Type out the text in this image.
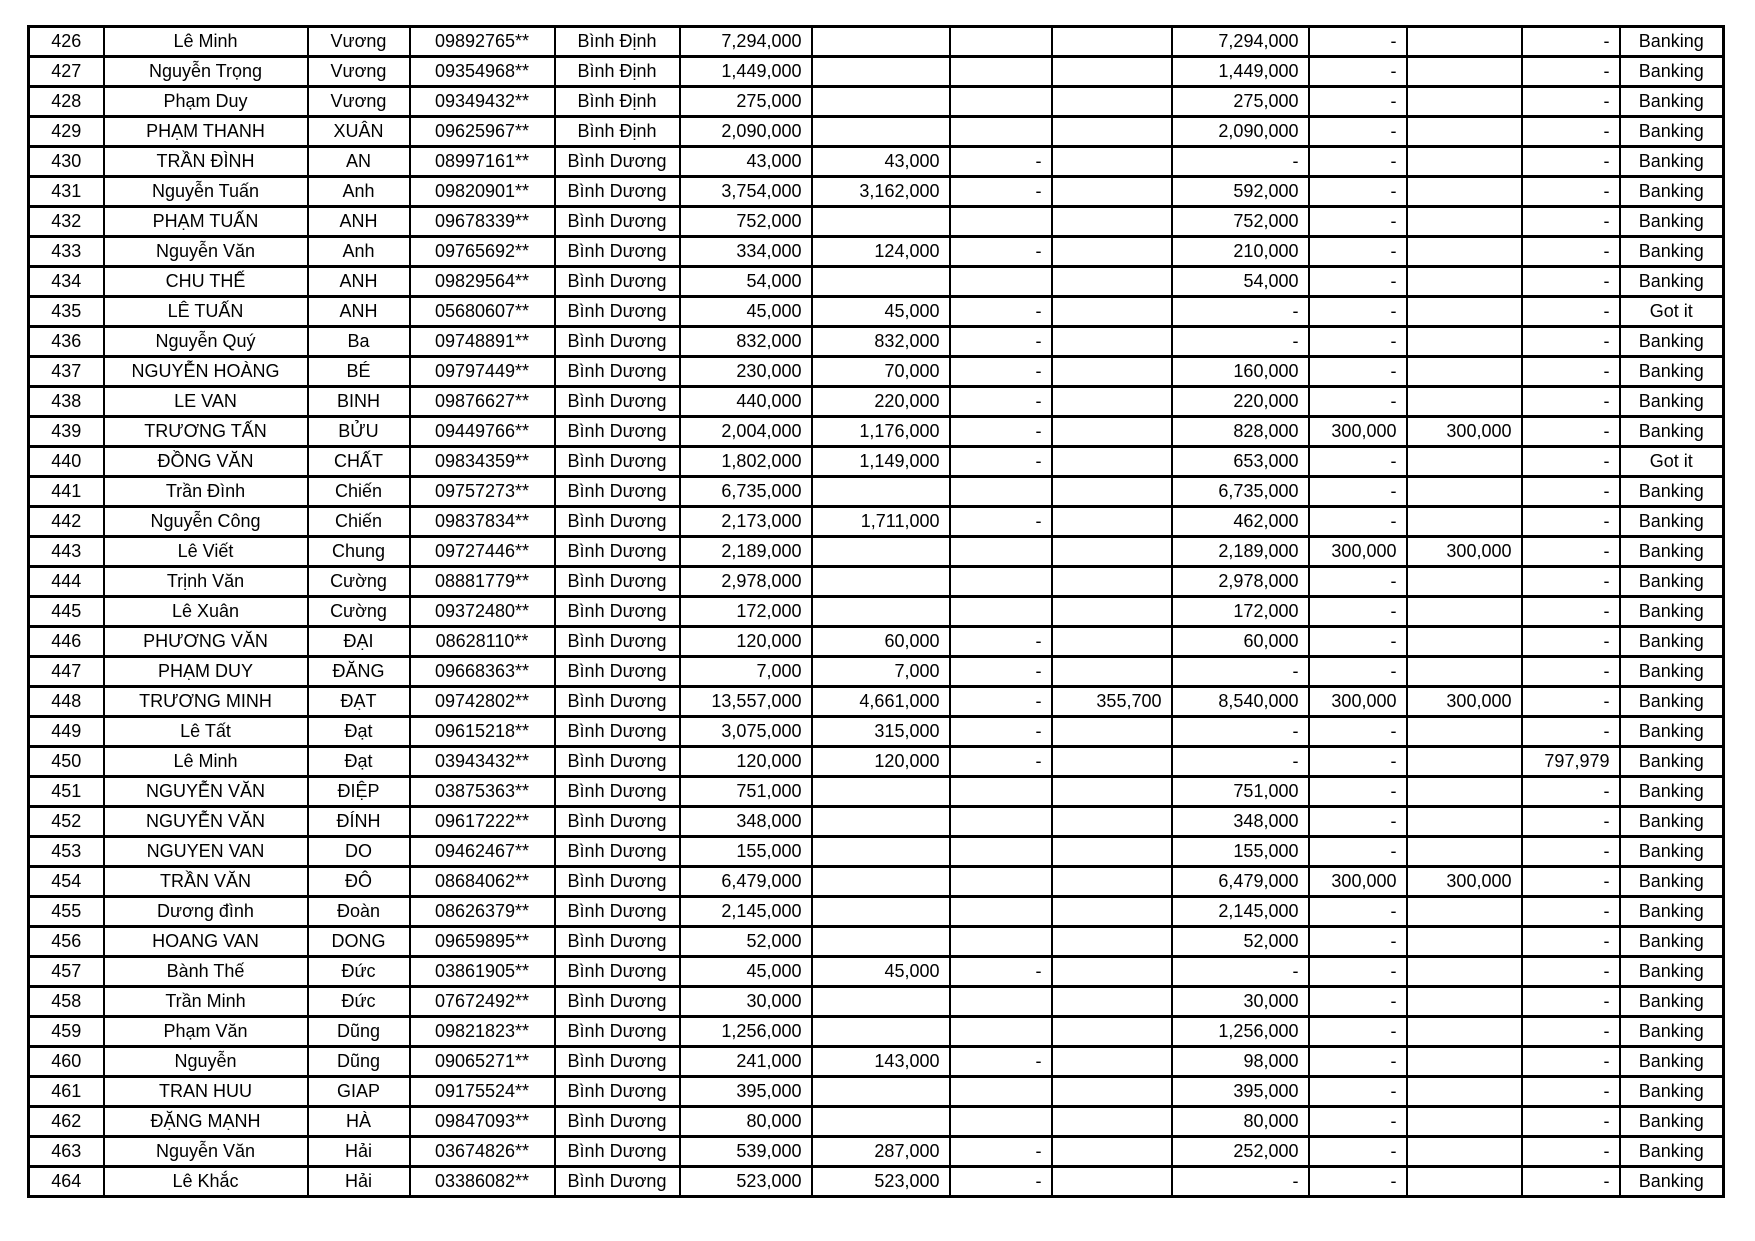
426	Lê Minh	Vương	09892765**	Bình Định	7,294,000				7,294,000	-		-	Banking
427	Nguyễn Trọng	Vương	09354968**	Bình Định	1,449,000				1,449,000	-		-	Banking
428	Phạm Duy	Vương	09349432**	Bình Định	275,000				275,000	-		-	Banking
429	PHẠM THANH	XUÂN	09625967**	Bình Định	2,090,000				2,090,000	-		-	Banking
430	TRẦN ĐÌNH	AN	08997161**	Bình Dương	43,000	43,000	-		-	-		-	Banking
431	Nguyễn Tuấn	Anh	09820901**	Bình Dương	3,754,000	3,162,000	-		592,000	-		-	Banking
432	PHẠM TUẤN	ANH	09678339**	Bình Dương	752,000				752,000	-		-	Banking
433	Nguyễn Văn	Anh	09765692**	Bình Dương	334,000	124,000	-		210,000	-		-	Banking
434	CHU THẾ	ANH	09829564**	Bình Dương	54,000				54,000	-		-	Banking
435	LÊ TUẤN	ANH	05680607**	Bình Dương	45,000	45,000	-		-	-		-	Got it
436	Nguyễn Quý	Ba	09748891**	Bình Dương	832,000	832,000	-		-	-		-	Banking
437	NGUYỄN HOÀNG	BÉ	09797449**	Bình Dương	230,000	70,000	-		160,000	-		-	Banking
438	LE VAN	BINH	09876627**	Bình Dương	440,000	220,000	-		220,000	-		-	Banking
439	TRƯƠNG TẤN	BỬU	09449766**	Bình Dương	2,004,000	1,176,000	-		828,000	300,000	300,000	-	Banking
440	ĐỒNG VĂN	CHẤT	09834359**	Bình Dương	1,802,000	1,149,000	-		653,000	-		-	Got it
441	Trần Đình	Chiến	09757273**	Bình Dương	6,735,000				6,735,000	-		-	Banking
442	Nguyễn Công	Chiến	09837834**	Bình Dương	2,173,000	1,711,000	-		462,000	-		-	Banking
443	Lê Viết	Chung	09727446**	Bình Dương	2,189,000				2,189,000	300,000	300,000	-	Banking
444	Trịnh Văn	Cường	08881779**	Bình Dương	2,978,000				2,978,000	-		-	Banking
445	Lê Xuân	Cường	09372480**	Bình Dương	172,000				172,000	-		-	Banking
446	PHƯƠNG VĂN	ĐẠI	08628110**	Bình Dương	120,000	60,000	-		60,000	-		-	Banking
447	PHẠM DUY	ĐĂNG	09668363**	Bình Dương	7,000	7,000	-		-	-		-	Banking
448	TRƯƠNG MINH	ĐẠT	09742802**	Bình Dương	13,557,000	4,661,000	-	355,700	8,540,000	300,000	300,000	-	Banking
449	Lê Tất	Đạt	09615218**	Bình Dương	3,075,000	315,000	-		-	-		-	Banking
450	Lê Minh	Đạt	03943432**	Bình Dương	120,000	120,000	-		-	-		797,979	Banking
451	NGUYỄN VĂN	ĐIỆP	03875363**	Bình Dương	751,000				751,000	-		-	Banking
452	NGUYỄN VĂN	ĐÍNH	09617222**	Bình Dương	348,000				348,000	-		-	Banking
453	NGUYEN VAN	DO	09462467**	Bình Dương	155,000				155,000	-		-	Banking
454	TRẦN VĂN	ĐÔ	08684062**	Bình Dương	6,479,000				6,479,000	300,000	300,000	-	Banking
455	Dương đình	Đoàn	08626379**	Bình Dương	2,145,000				2,145,000	-		-	Banking
456	HOANG VAN	DONG	09659895**	Bình Dương	52,000				52,000	-		-	Banking
457	Bành Thế	Đức	03861905**	Bình Dương	45,000	45,000	-		-	-		-	Banking
458	Trần Minh	Đức	07672492**	Bình Dương	30,000				30,000	-		-	Banking
459	Phạm Văn	Dũng	09821823**	Bình Dương	1,256,000				1,256,000	-		-	Banking
460	Nguyễn	Dũng	09065271**	Bình Dương	241,000	143,000	-		98,000	-		-	Banking
461	TRAN HUU	GIAP	09175524**	Bình Dương	395,000				395,000	-		-	Banking
462	ĐẶNG MẠNH	HÀ	09847093**	Bình Dương	80,000				80,000	-		-	Banking
463	Nguyễn Văn	Hải	03674826**	Bình Dương	539,000	287,000	-		252,000	-		-	Banking
464	Lê Khắc	Hải	03386082**	Bình Dương	523,000	523,000	-		-	-		-	Banking
